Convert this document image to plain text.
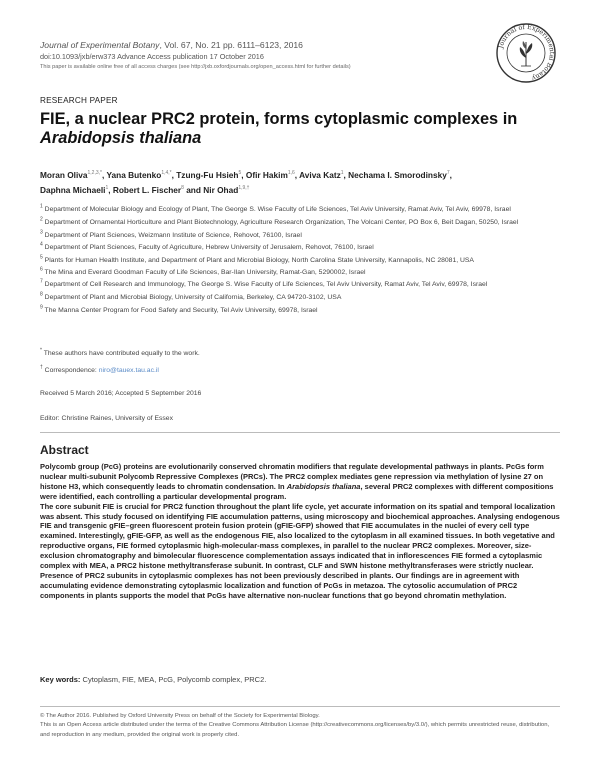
Journal of Experimental Botany, Vol. 67, No. 21 pp. 6111–6123, 2016
doi:10.1093/jxb/erw373 Advance Access publication 17 October 2016
This paper is available online free of all access charges (see http://jxb.oxfordjournals.org/open_access.html for further details)
Journal of Experimental Botany
RESEARCH PAPER
FIE, a nuclear PRC2 protein, forms cytoplasmic complexes in
Arabidopsis thaliana
Moran Oliva$^{1,2,3,*}$, Yana Butenko$^{1,4,*}$, Tzung-Fu Hsieh$^5$, Ofir Hakim$^{1,6}$, Aviva Katz$^1$, Nechama I. Smorodinsky$^7$,
Daphna Michaeli$^1$, Robert L. Fischer$^8$ and Nir Ohad$^{1,9,\dagger}$
$^1$ Department of Molecular Biology and Ecology of Plant, The George S. Wise Faculty of Life Sciences, Tel Aviv University, Ramat Aviv, Tel Aviv, 69978, Israel
$^2$ Department of Ornamental Horticulture and Plant Biotechnology, Agriculture Research Organization, The Volcani Center, PO Box 6, Beit Dagan, 50250, Israel
$^3$ Department of Plant Sciences, Weizmann Institute of Science, Rehovot, 76100, Israel
$^4$ Department of Plant Sciences, Faculty of Agriculture, Hebrew University of Jerusalem, Rehovot, 76100, Israel
$^5$ Plants for Human Health Institute, and Department of Plant and Microbial Biology, North Carolina State University, Kannapolis, NC 28081, USA
$^6$ The Mina and Everard Goodman Faculty of Life Sciences, Bar-Ilan University, Ramat-Gan, 5290002, Israel
$^7$ Department of Cell Research and Immunology, The George S. Wise Faculty of Life Sciences, Tel Aviv University, Ramat Aviv, Tel Aviv, 69978, Israel
$^8$ Department of Plant and Microbial Biology, University of California, Berkeley, CA 94720-3102, USA
$^9$ The Manna Center Program for Food Safety and Security, Tel Aviv University, 69978, Israel
* These authors have contributed equally to the work.
† Correspondence: niro@tauex.tau.ac.il
Received 5 March 2016; Accepted 5 September 2016
Editor: Christine Raines, University of Essex
Abstract

Polycomb group (PcG) proteins are evolutionarily conserved chromatin modifiers that regulate developmental pathways in plants. PcGs form nuclear multi-subunit Polycomb Repressive Complexes (PRCs). The PRC2 complex mediates gene repression via methylation of lysine 27 on histone H3, which consequently leads to chromatin condensation. In Arabidopsis thaliana, several PRC2 complexes with different compositions were identified, each controlling a particular developmental program.

The core subunit FIE is crucial for PRC2 function throughout the plant life cycle, yet accurate information on its spatial and temporal localization was absent. This study focused on identifying FIE accumulation patterns, using microscopy and biochemical approaches. Analysing endogenous FIE and transgenic gFIE–green fluorescent protein fusion protein (gFIE-GFP) showed that FIE accumulates in the nuclei of every cell type examined. Interestingly, gFIE-GFP, as well as the endogenous FIE, also localized to the cytoplasm in all examined tissues. In both vegetative and reproductive organs, FIE formed cytoplasmic high-molecular-mass complexes, in parallel to the nuclear PRC2 complexes. Moreover, size-exclusion chromatography and bimolecular fluorescence complementation assays indicated that in inflorescences FIE formed a cytoplasmic complex with MEA, a PRC2 histone methyltransferase subunit. In contrast, CLF and SWN histone methyltransferases were strictly nuclear. Presence of PRC2 subunits in cytoplasmic complexes has not been previously described in plants. Our findings are in agreement with accumulating evidence demonstrating cytoplasmic localization and function of PcGs in metazoa. The cytosolic accumulation of PRC2 components in plants supports the model that PcGs have alternative non-nuclear functions that go beyond chromatin methylation.

Key words: Cytoplasm, FIE, MEA, PcG, Polycomb complex, PRC2.
© The Author 2016. Published by Oxford University Press on behalf of the Society for Experimental Biology.
This is an Open Access article distributed under the terms of the Creative Commons Attribution License (http://creativecommons.org/licenses/by/3.0/), which permits unrestricted reuse, distribution, and reproduction in any medium, provided the original work is properly cited.
